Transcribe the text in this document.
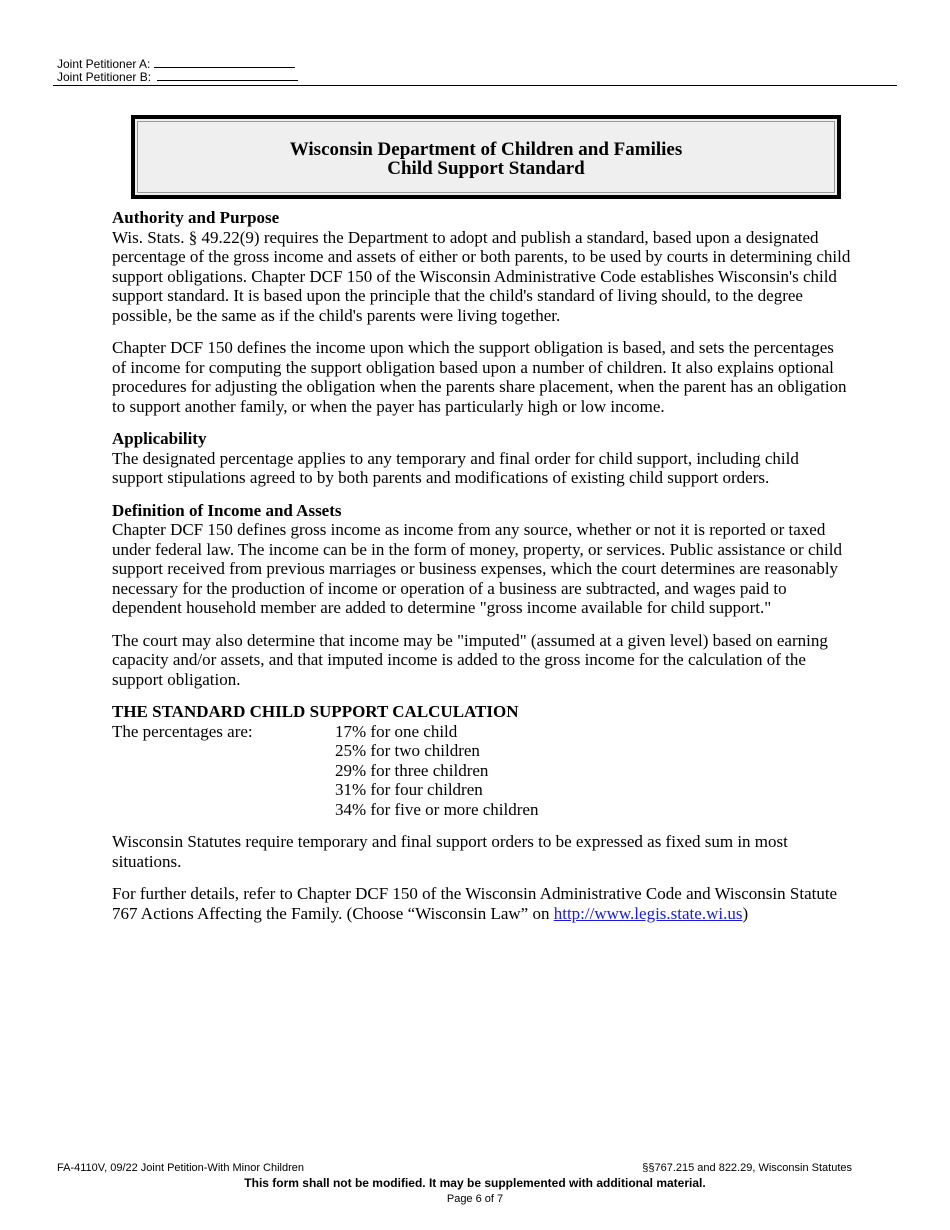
Joint Petitioner A:
Joint Petitioner B:
Wisconsin Department of Children and Families
Child Support Standard

Authority and Purpose

Wis. Stats. § 49.22(9) requires the Department to adopt and publish a standard, based upon a designated percentage of the gross income and assets of either or both parents, to be used by courts in determining child support obligations. Chapter DCF 150 of the Wisconsin Administrative Code establishes Wisconsin's child support standard. It is based upon the principle that the child's standard of living should, to the degree possible, be the same as if the child's parents were living together.

Chapter DCF 150 defines the income upon which the support obligation is based, and sets the percentages of income for computing the support obligation based upon a number of children. It also explains optional procedures for adjusting the obligation when the parents share placement, when the parent has an obligation to support another family, or when the payer has particularly high or low income.

Applicability

The designated percentage applies to any temporary and final order for child support, including child support stipulations agreed to by both parents and modifications of existing child support orders.

Definition of Income and Assets

Chapter DCF 150 defines gross income as income from any source, whether or not it is reported or taxed under federal law. The income can be in the form of money, property, or services. Public assistance or child support received from previous marriages or business expenses, which the court determines are reasonably necessary for the production of income or operation of a business are subtracted, and wages paid to dependent household member are added to determine "gross income available for child support."

The court may also determine that income may be "imputed" (assumed at a given level) based on earning capacity and/or assets, and that imputed income is added to the gross income for the calculation of the support obligation.

THE STANDARD CHILD SUPPORT CALCULATION

The percentages are:	17% for one child
25% for two children
29% for three children
31% for four children
34% for five or more children

Wisconsin Statutes require temporary and final support orders to be expressed as fixed sum in most situations.

For further details, refer to Chapter DCF 150 of the Wisconsin Administrative Code and Wisconsin Statute 767 Actions Affecting the Family. (Choose “Wisconsin Law” on http://www.legis.state.wi.us)

FA-4110V, 09/22 Joint Petition-With Minor Children	§§767.215 and 822.29, Wisconsin Statutes
This form shall not be modified. It may be supplemented with additional material.
Page 6 of 7
